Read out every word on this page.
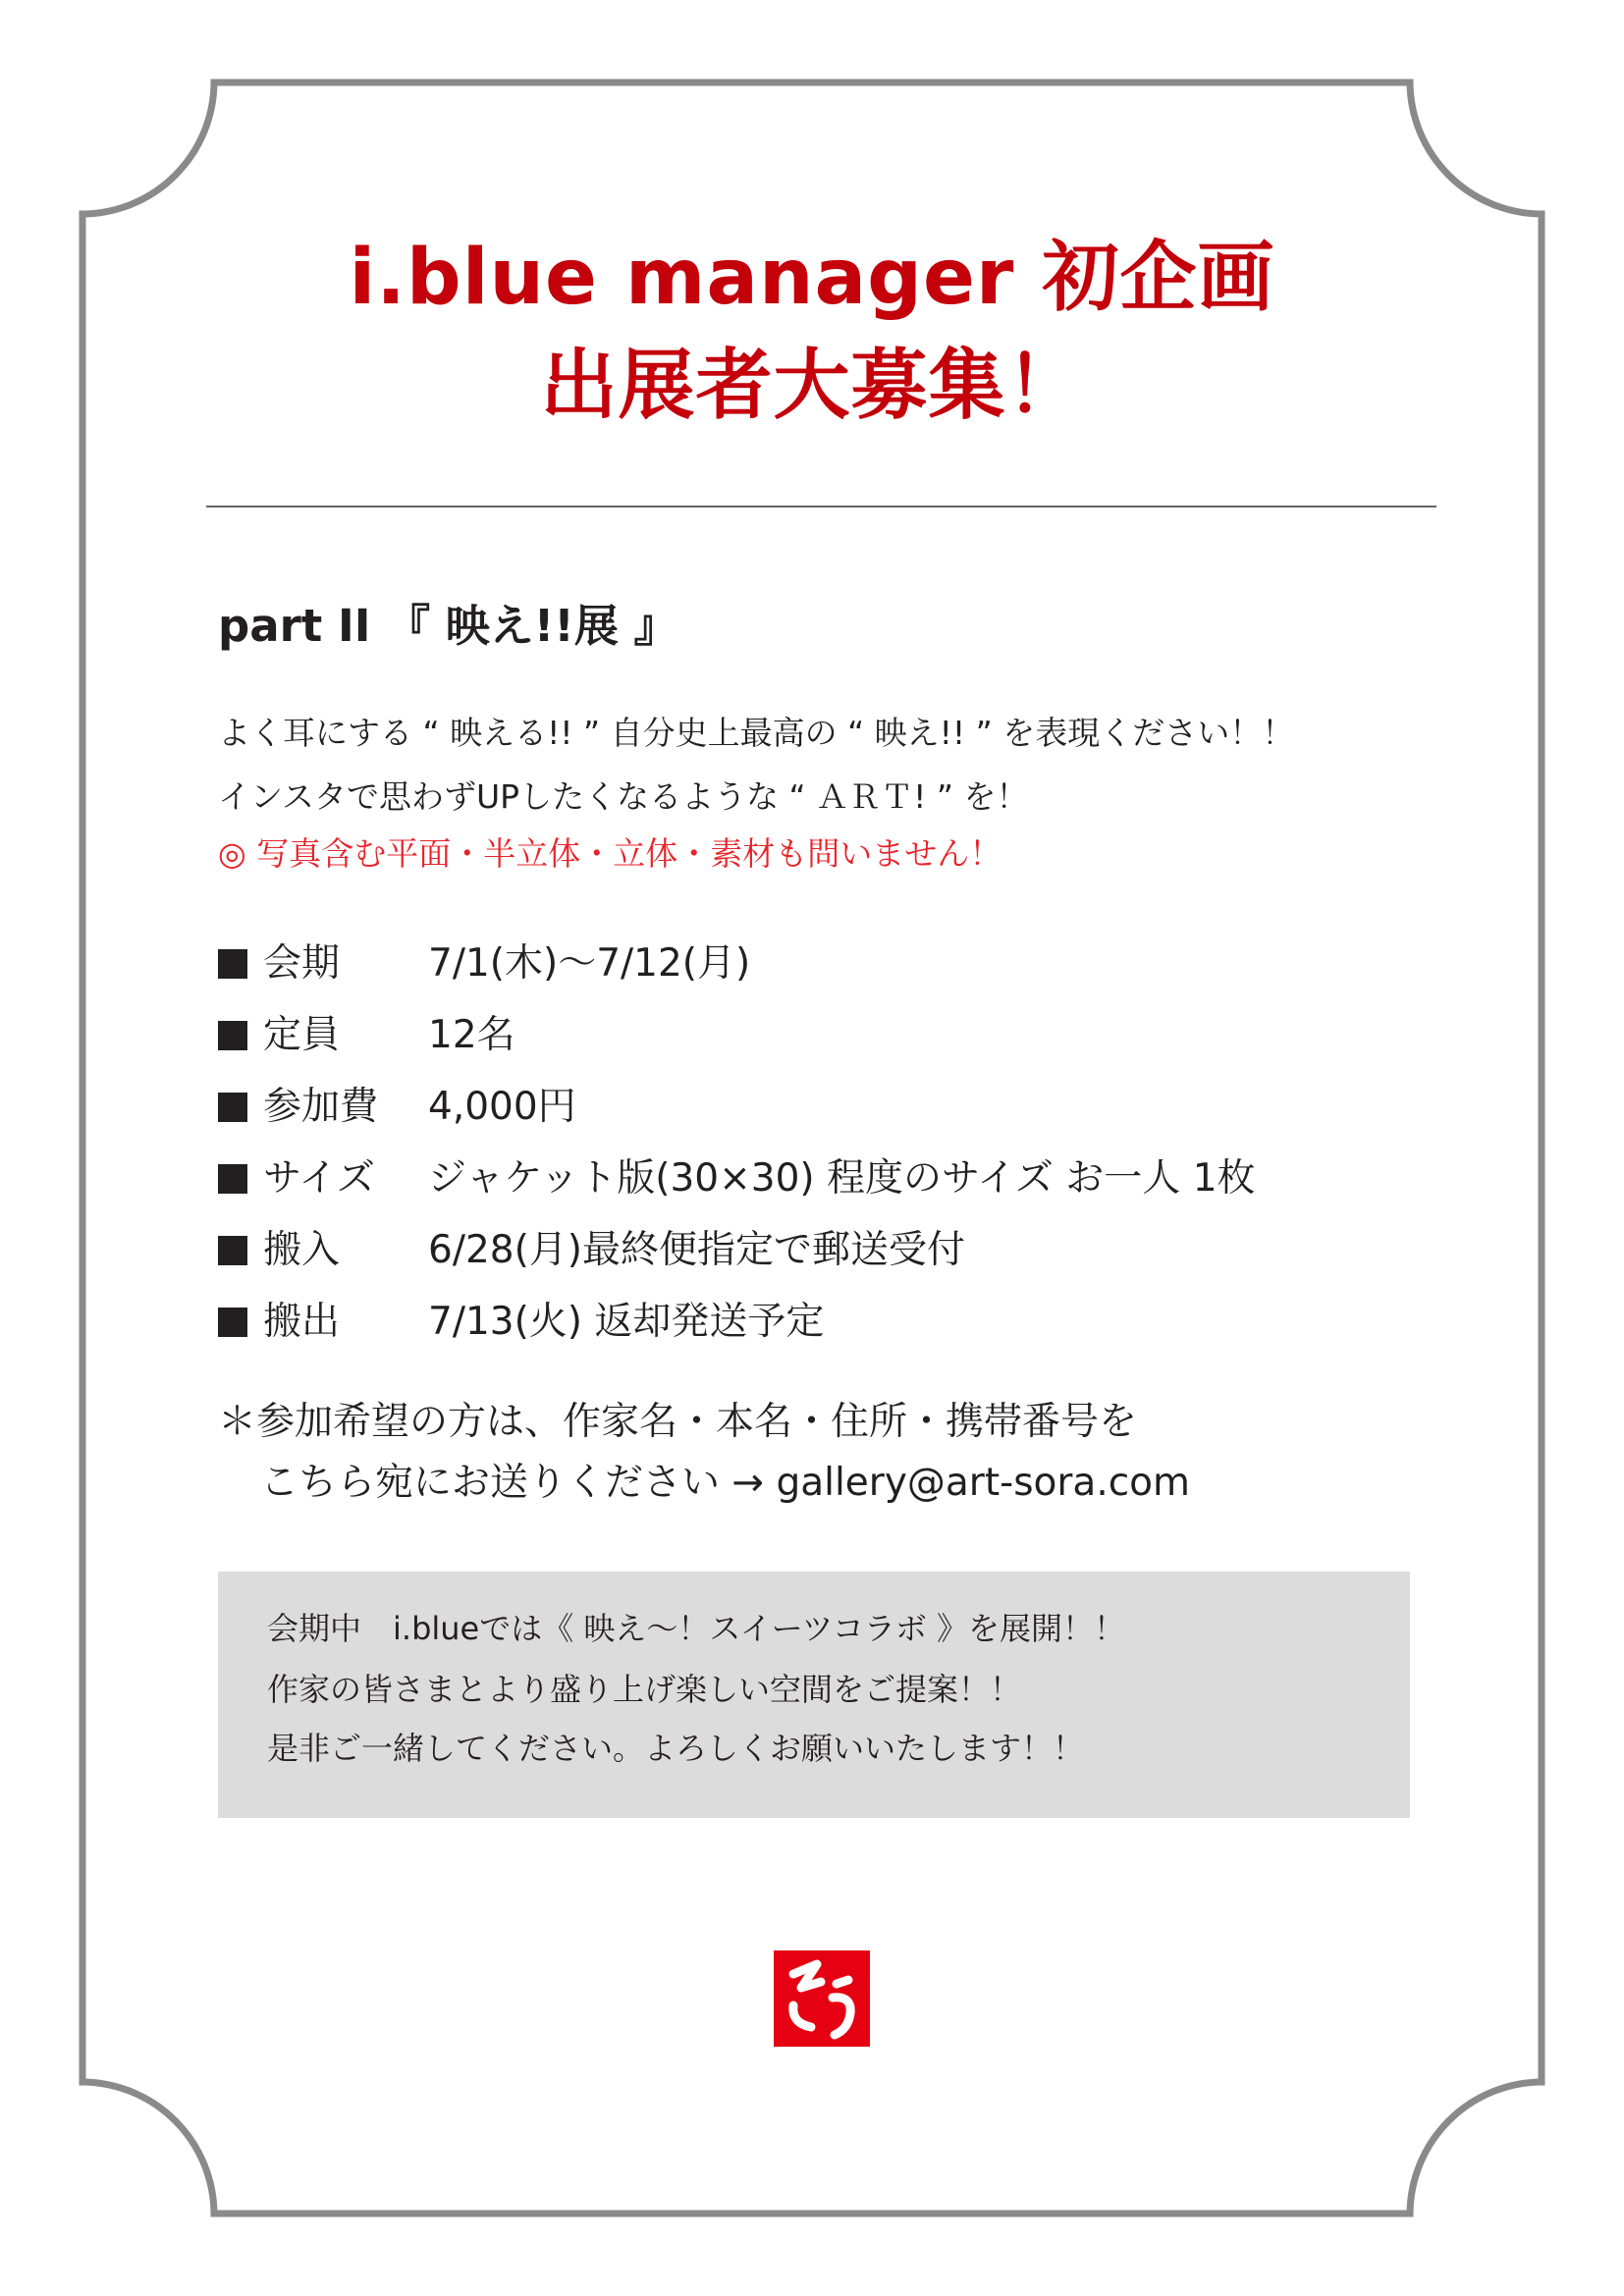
i.blue manager 初企画
出展者大募集！
part II 『 映え!!展 』

よく耳にする “ 映える!! ” 自分史上最高の “ 映え!! ” を表現ください！！

インスタで思わずUPしたくなるような “ ＡＲＴ! ” を！

◎ 写真含む平面・半立体・立体・素材も問いません！

会期	7/1(木)〜7/12(月)
定員	12名
参加費	4,000円
サイズ	ジャケット版(30×30) 程度のサイズ お一人 1枚
搬入	6/28(月)最終便指定で郵送受付
搬出	7/13(火) 返却発送予定
＊参加希望の方は、作家名・本名・住所・携帯番号を
こちら宛にお送りください → gallery@art-sora.com

会期中　i.blueでは《 映え〜！スイーツコラボ 》を展開！！

作家の皆さまとより盛り上げ楽しい空間をご提案！！

是非ご一緒してください。よろしくお願いいたします！！
